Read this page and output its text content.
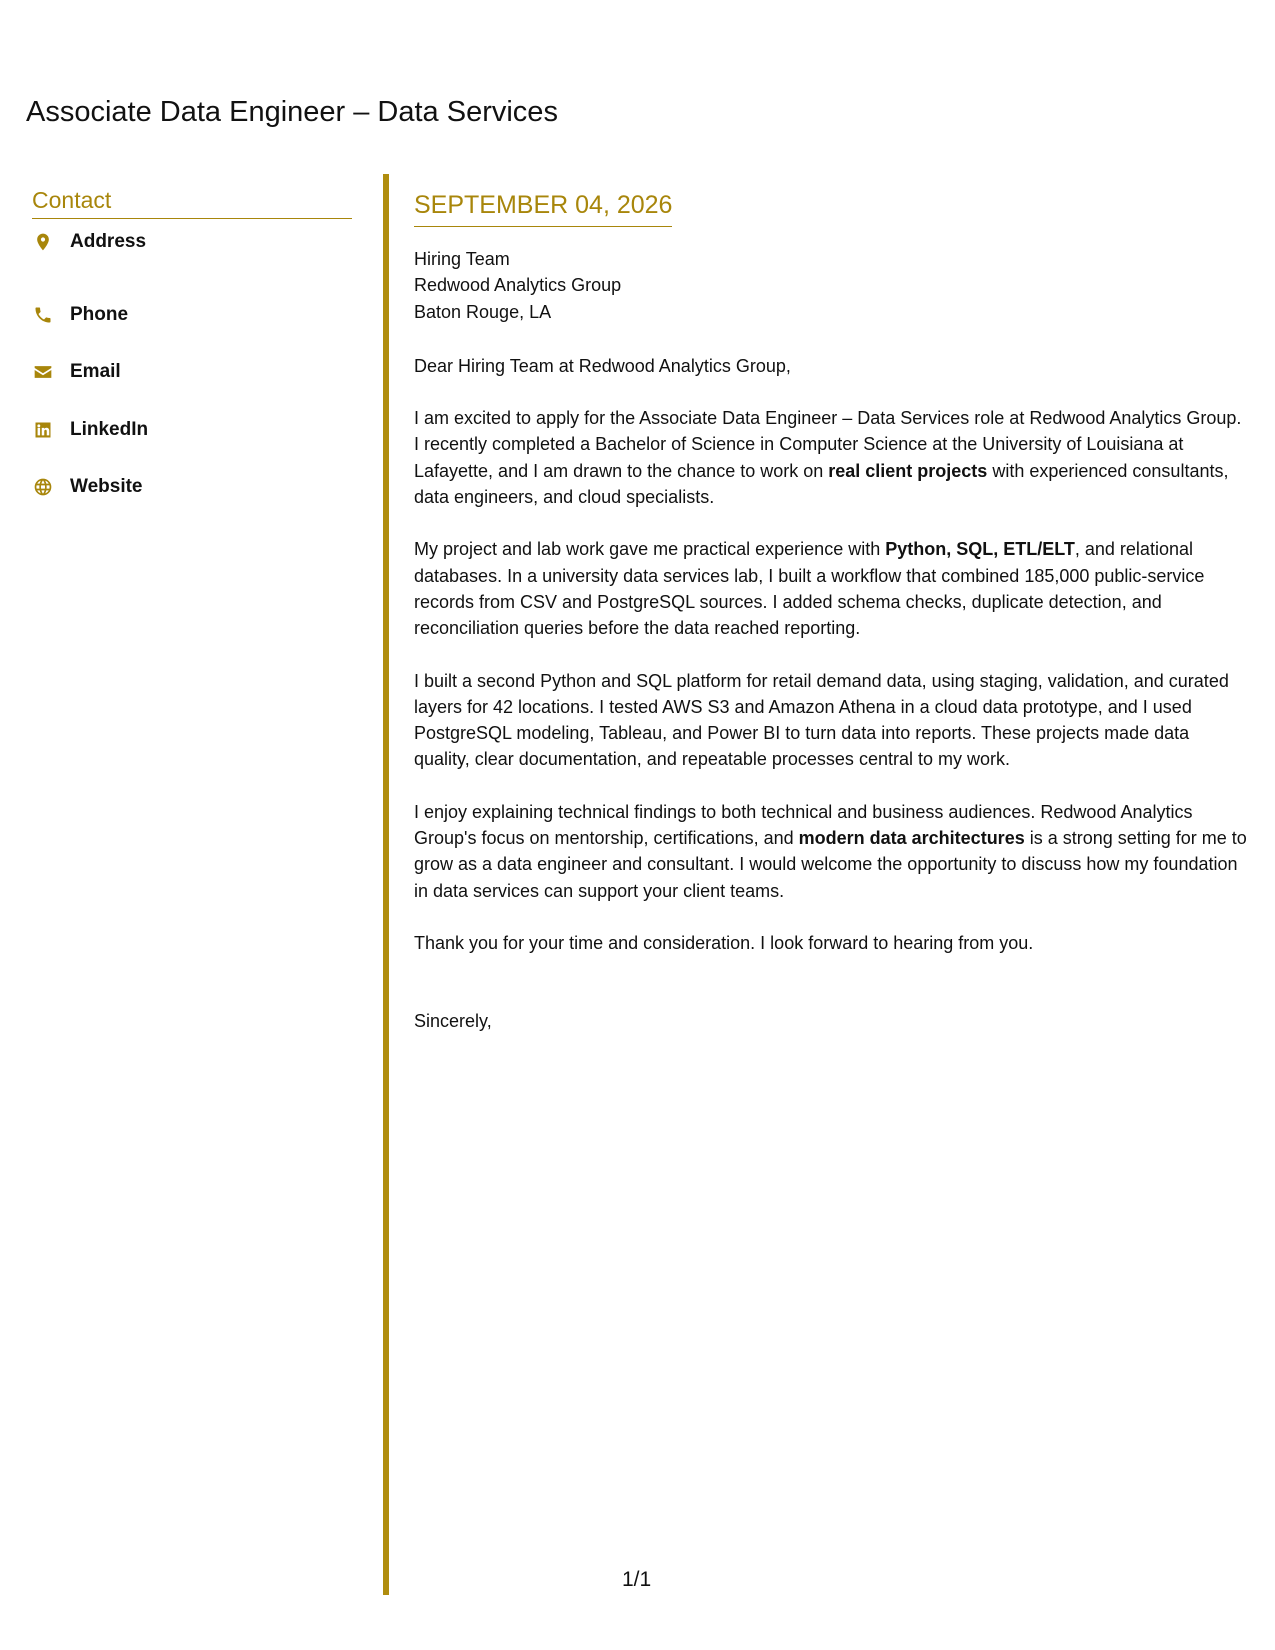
Associate Data Engineer – Data Services
Contact
Address
Phone
Email
LinkedIn
Website
SEPTEMBER 04, 2026

Hiring Team

Redwood Analytics Group

Baton Rouge, LA

Dear Hiring Team at Redwood Analytics Group,

I am excited to apply for the Associate Data Engineer – Data Services role at Redwood Analytics Group. I recently completed a Bachelor of Science in Computer Science at the University of Louisiana at Lafayette, and I am drawn to the chance to work on real client projects with experienced consultants, data engineers, and cloud specialists.

My project and lab work gave me practical experience with Python, SQL, ETL/ELT, and relational databases. In a university data services lab, I built a workflow that combined 185,000 public-service records from CSV and PostgreSQL sources. I added schema checks, duplicate detection, and reconciliation queries before the data reached reporting.

I built a second Python and SQL platform for retail demand data, using staging, validation, and curated layers for 42 locations. I tested AWS S3 and Amazon Athena in a cloud data prototype, and I used PostgreSQL modeling, Tableau, and Power BI to turn data into reports. These projects made data quality, clear documentation, and repeatable processes central to my work.

I enjoy explaining technical findings to both technical and business audiences. Redwood Analytics Group's focus on mentorship, certifications, and modern data architectures is a strong setting for me to grow as a data engineer and consultant. I would welcome the opportunity to discuss how my foundation in data services can support your client teams.

Thank you for your time and consideration. I look forward to hearing from you.

Sincerely,

1/1
